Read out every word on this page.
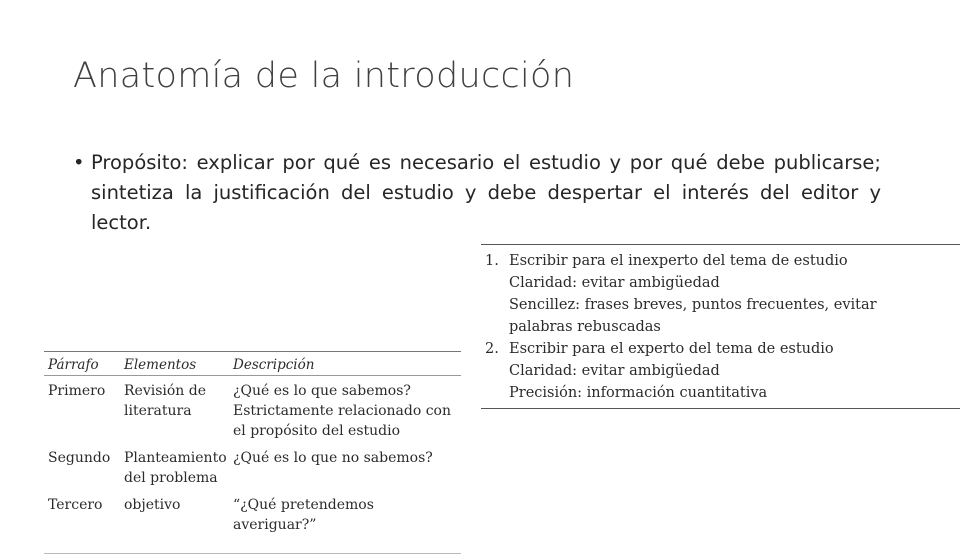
Anatomía de la introducción
• Propósito: explicar por qué es necesario el estudio y por qué debe publicarse; sintetiza la justificación del estudio y debe despertar el interés del editor y lector.
1. Escribir para el inexperto del tema de estudio
Claridad: evitar ambigüedad
Sencillez: frases breves, puntos frecuentes, evitar palabras rebuscadas
2. Escribir para el experto del tema de estudio
Claridad: evitar ambigüedad
Precisión: información cuantitativa
Párrafo	Elementos	Descripción
Primero	Revisión de literatura	¿Qué es lo que sabemos? Estrictamente relacionado con el propósito del estudio
Segundo	Planteamiento del problema	¿Qué es lo que no sabemos?
Tercero	objetivo	“¿Qué pretendemos averiguar?”
